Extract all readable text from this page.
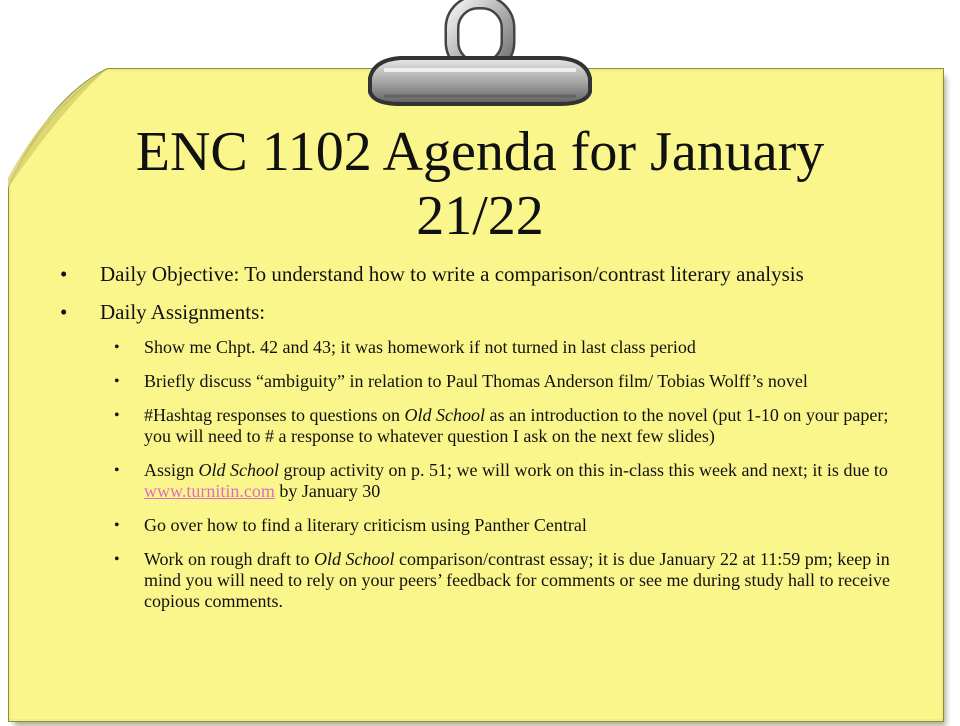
ENC 1102 Agenda for January
21/22
•	Daily Objective: To understand how to write a comparison/contrast literary analysis
•	Daily Assignments:
• Show me Chpt. 42 and 43; it was homework if not turned in last class period
• Briefly discuss “ambiguity” in relation to Paul Thomas Anderson film/ Tobias Wolff’s novel
• #Hashtag responses to questions on Old School as an introduction to the novel (put 1-10 on your paper; you will need to # a response to whatever question I ask on the next few slides)
• Assign Old School group activity on p. 51; we will work on this in-class this week and next; it is due to www.turnitin.com by January 30
• Go over how to find a literary criticism using Panther Central
• Work on rough draft to Old School comparison/contrast essay; it is due January 22 at 11:59 pm; keep in mind you will need to rely on your peers’ feedback for comments or see me during study hall to receive copious comments.
